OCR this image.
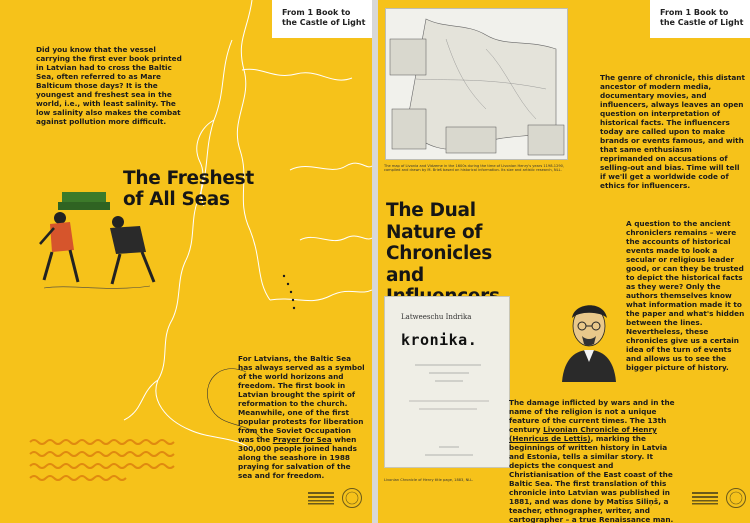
From 1 Book to
the Castle of Light
Did you know that the vessel carrying the first ever book printed in Latvian had to cross the Baltic Sea, often referred to as Mare Balticum those days? It is the youngest and freshest sea in the world, i.e., with least salinity. The low salinity also makes the combat against pollution more difficult.
The Freshest
of All Seas
For Latvians, the Baltic Sea has always served as a symbol of the world horizons and freedom. The first book in Latvian brought the spirit of reformation to the church. Meanwhile, one of the first popular protests for liberation from the Soviet Occupation was the Prayer for Sea when 300,000 people joined hands along the seashore in 1988 praying for salvation of the sea and for freedom.
From 1 Book to
the Castle of Light
The map of Livonia and Vidzeme in the 1600s during the time of Livonian Henry's years 1198-1290, compiled and drawn by M. Brieš based on historical information. Its size and artistic research, NLL.
The genre of chronicle, this distant ancestor of modern media, documentary movies, and influencers, always leaves an open question on interpretation of historical facts. The influencers today are called upon to make brands or events famous, and with that same enthusiasm reprimanded on accusations of selling-out and bias. Time will tell if we'll get a worldwide code of ethics for influencers.
The Dual
Nature of
Chronicles
and

A question to the ancient chroniclers remains – were the accounts of historical events made to look a secular or religious leader good, or can they be trusted to depict the historical facts as they were? Only the authors themselves know what information made it to the paper and what's hidden between the lines. Nevertheless, these chronicles give us a certain idea of the turn of events and allows us to see the bigger picture of history.
Latweeschu Indrika
kronika.
Livonian Chronicle of Henry title page, 1883, NLL.
The damage inflicted by wars and in the name of the religion is not a unique feature of the current times. The 13th century Livonian Chronicle of Henry (Henricus de Lettis), marking the beginnings of written history in Latvia and Estonia, tells a similar story. It depicts the conquest and Christianisation of the East coast of the Baltic Sea. The first translation of this chronicle into Latvian was published in 1881, and was done by Matīss Siliņš, a teacher, ethnographer, writer, and cartographer – a true Renaissance man.
